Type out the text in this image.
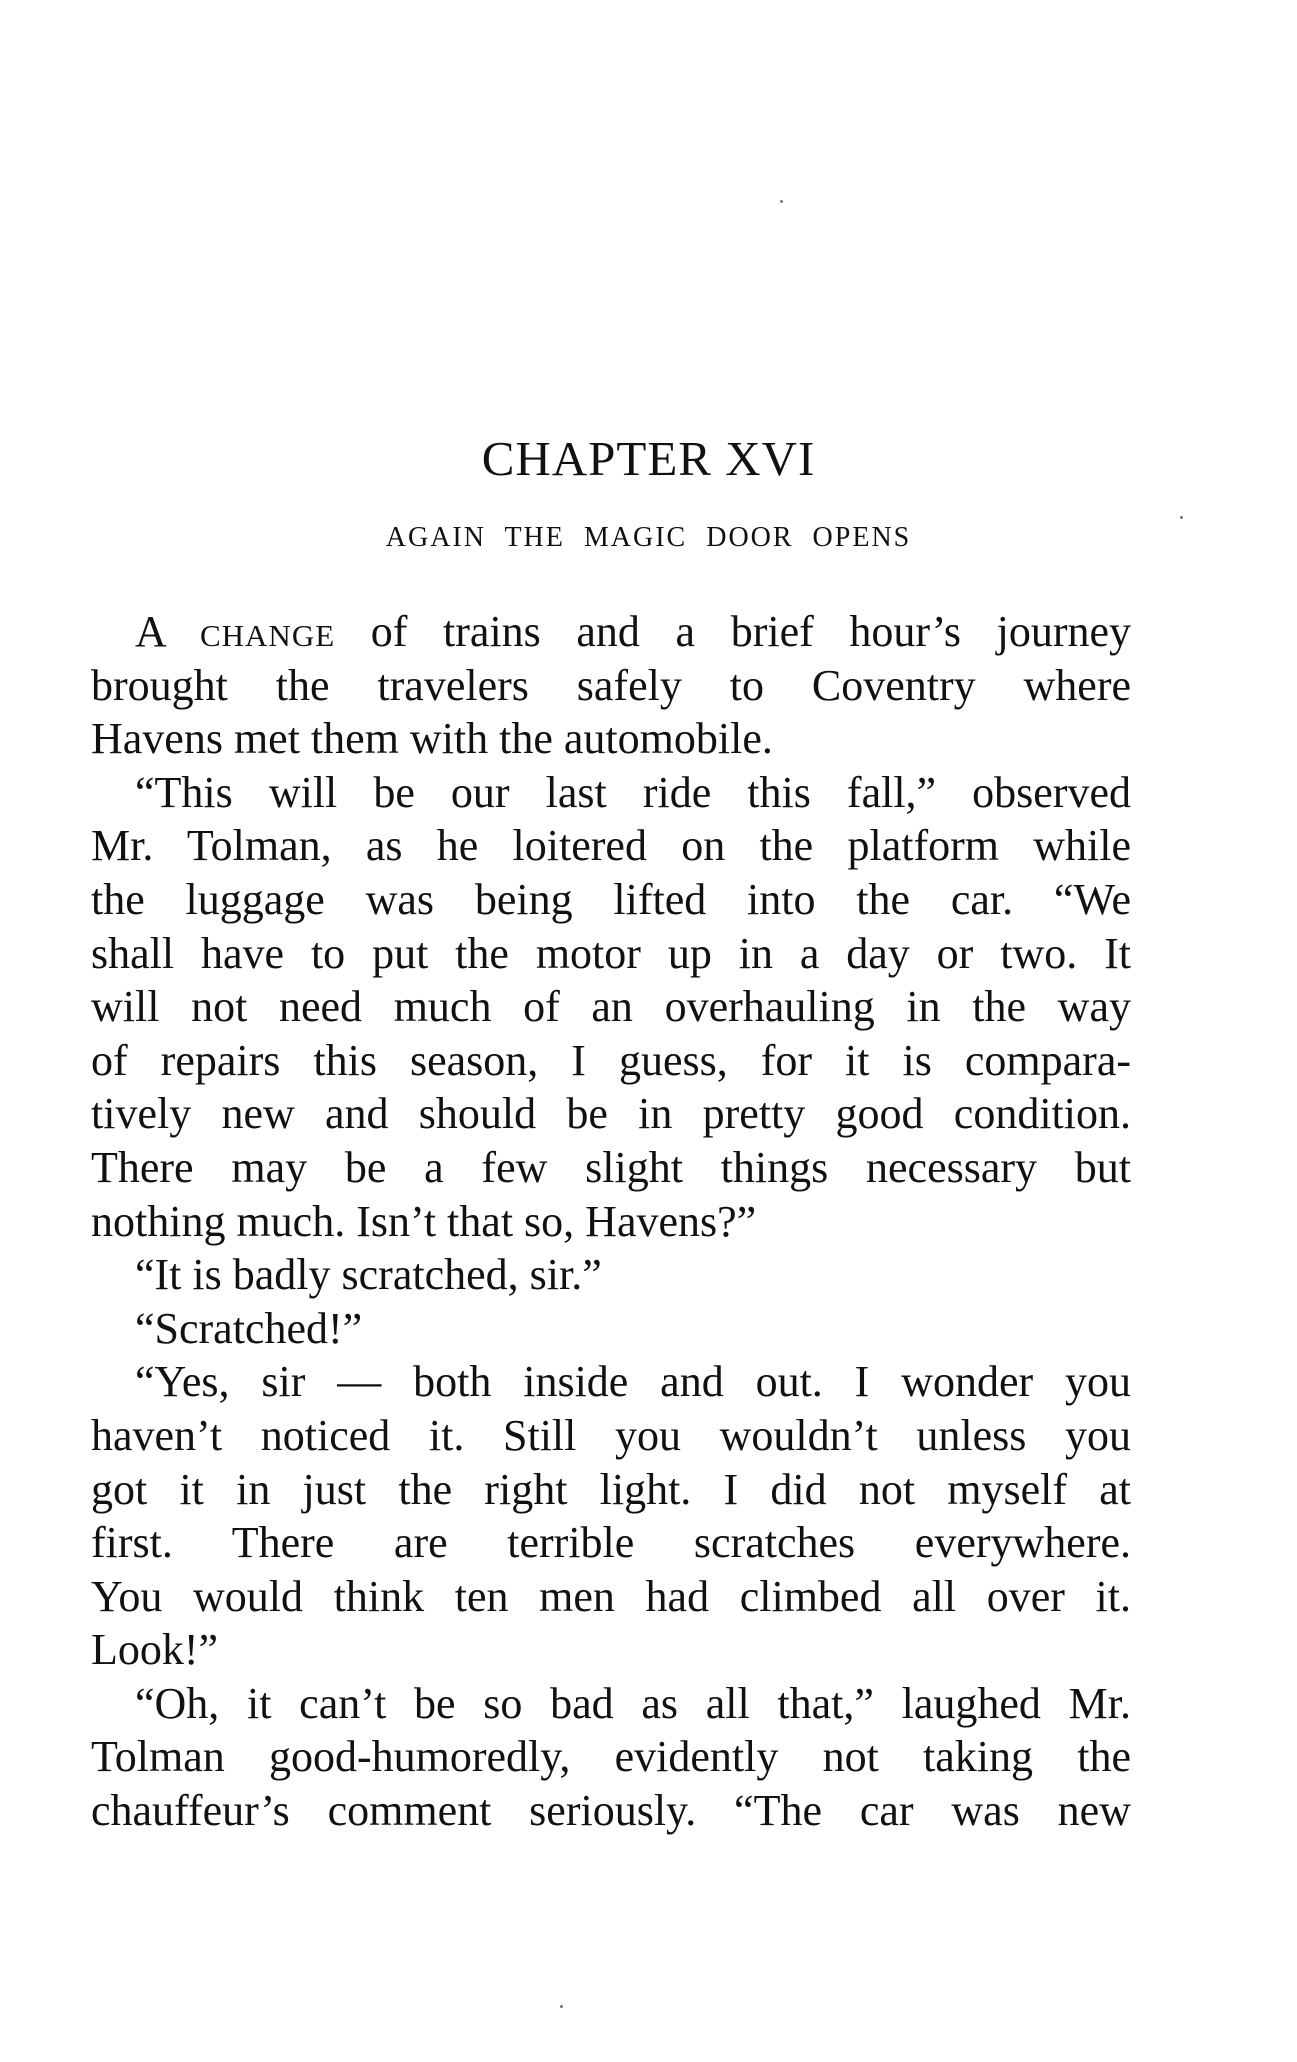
CHAPTER XVI
AGAIN THE MAGIC DOOR OPENS
A change of trains and a brief hour’s journey
brought the travelers safely to Coventry where
Havens met them with the automobile.
“This will be our last ride this fall,” observed
Mr. Tolman, as he loitered on the platform while
the luggage was being lifted into the car. “We
shall have to put the motor up in a day or two. It
will not need much of an overhauling in the way
of repairs this season, I guess, for it is compara-
tively new and should be in pretty good condition.
There may be a few slight things necessary but
nothing much. Isn’t that so, Havens?”
“It is badly scratched, sir.”
“Scratched!”
“Yes, sir — both inside and out. I wonder you
haven’t noticed it. Still you wouldn’t unless you
got it in just the right light. I did not myself at
first. There are terrible scratches everywhere.
You would think ten men had climbed all over it.
Look!”
“Oh, it can’t be so bad as all that,” laughed Mr.
Tolman good-humoredly, evidently not taking the
chauffeur’s comment seriously. “The car was new
